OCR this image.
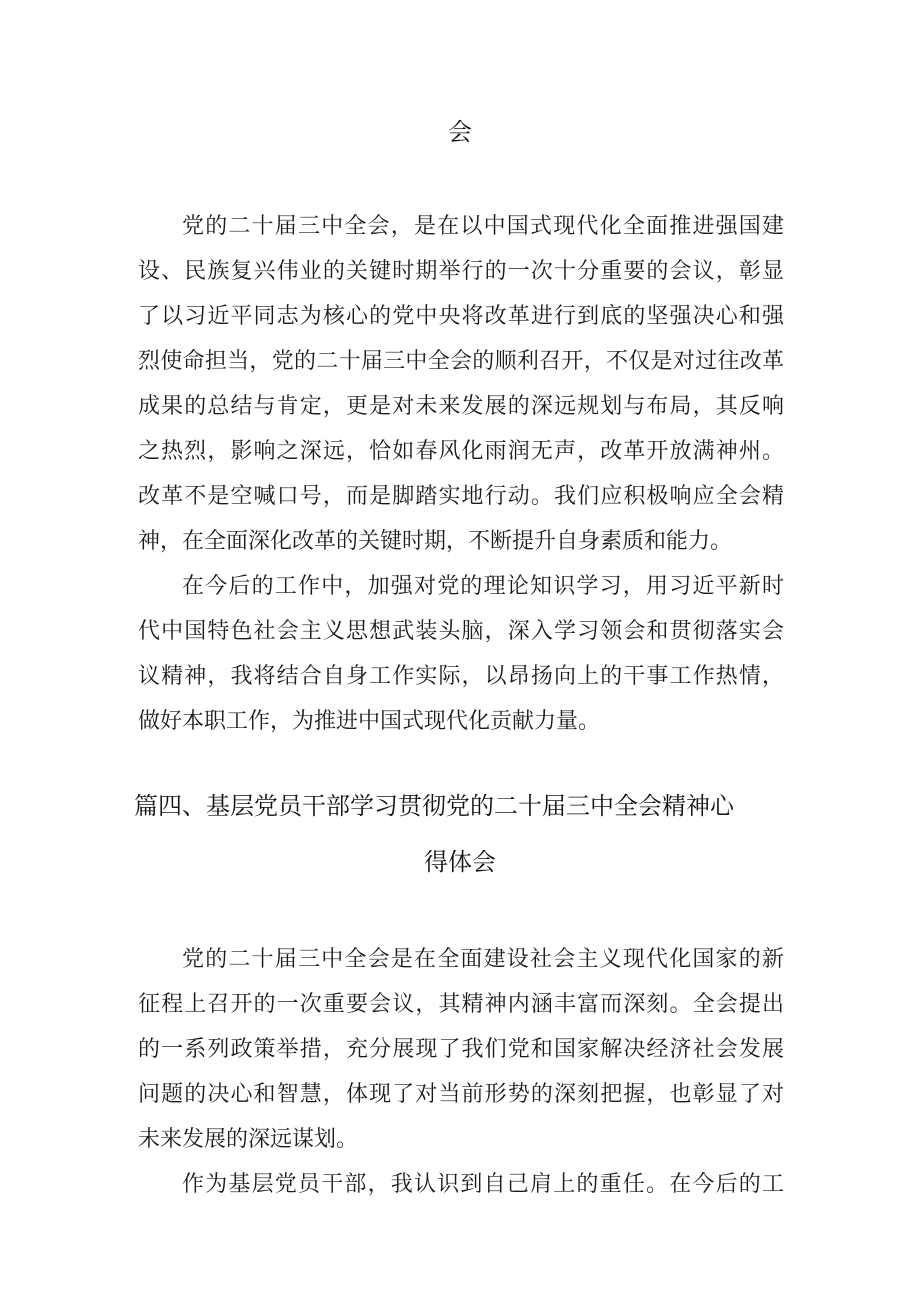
会
党的二十届三中全会，是在以中国式现代化全面推进强国建
设、民族复兴伟业的关键时期举行的一次十分重要的会议，彰显
了以习近平同志为核心的党中央将改革进行到底的坚强决心和强
烈使命担当，党的二十届三中全会的顺利召开，不仅是对过往改革
成果的总结与肯定，更是对未来发展的深远规划与布局，其反响
之热烈，影响之深远，恰如春风化雨润无声，改革开放满神州。
改革不是空喊口号，而是脚踏实地行动。我们应积极响应全会精
神，在全面深化改革的关键时期，不断提升自身素质和能力。
在今后的工作中，加强对党的理论知识学习，用习近平新时
代中国特色社会主义思想武装头脑，深入学习领会和贯彻落实会
议精神，我将结合自身工作实际，以昂扬向上的干事工作热情，
做好本职工作，为推进中国式现代化贡献力量。
篇四、基层党员干部学习贯彻党的二十届三中全会精神心
得体会
党的二十届三中全会是在全面建设社会主义现代化国家的新
征程上召开的一次重要会议，其精神内涵丰富而深刻。全会提出
的一系列政策举措，充分展现了我们党和国家解决经济社会发展
问题的决心和智慧，体现了对当前形势的深刻把握，也彰显了对
未来发展的深远谋划。
作为基层党员干部，我认识到自己肩上的重任。在今后的工
